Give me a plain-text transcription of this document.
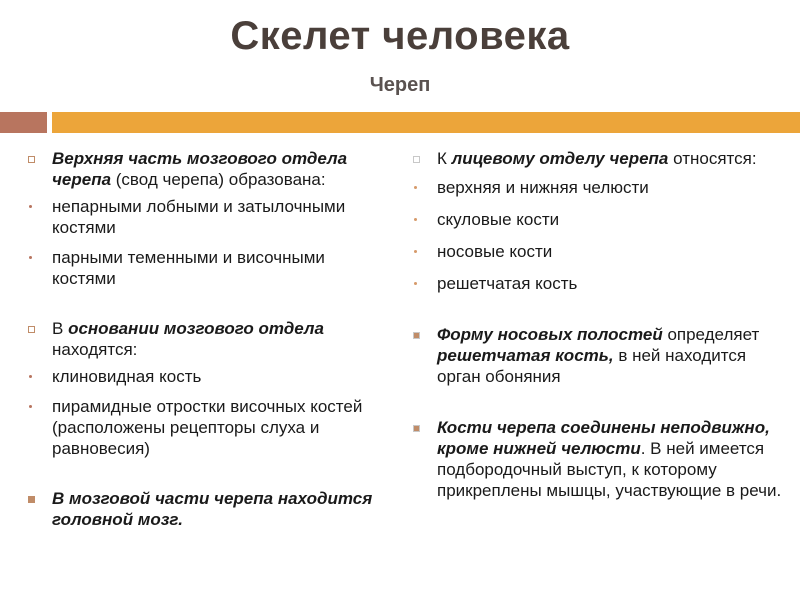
Скелет человека
Череп
Верхняя часть мозгового отдела черепа (свод черепа) образована:
непарными лобными и затылочными костями
парными теменными и височными костями
В основании мозгового отдела находятся:
клиновидная кость
пирамидные отростки височных костей (расположены рецепторы слуха и равновесия)
В мозговой части черепа находится головной мозг.
К лицевому отделу черепа относятся:
верхняя и нижняя челюсти
скуловые кости
носовые кости
решетчатая кость
Форму носовых полостей определяет решетчатая кость, в ней находится орган обоняния
Кости черепа соединены неподвижно, кроме нижней челюсти. В ней имеется подбородочный выступ, к которому прикреплены мышцы, участвующие в речи.
